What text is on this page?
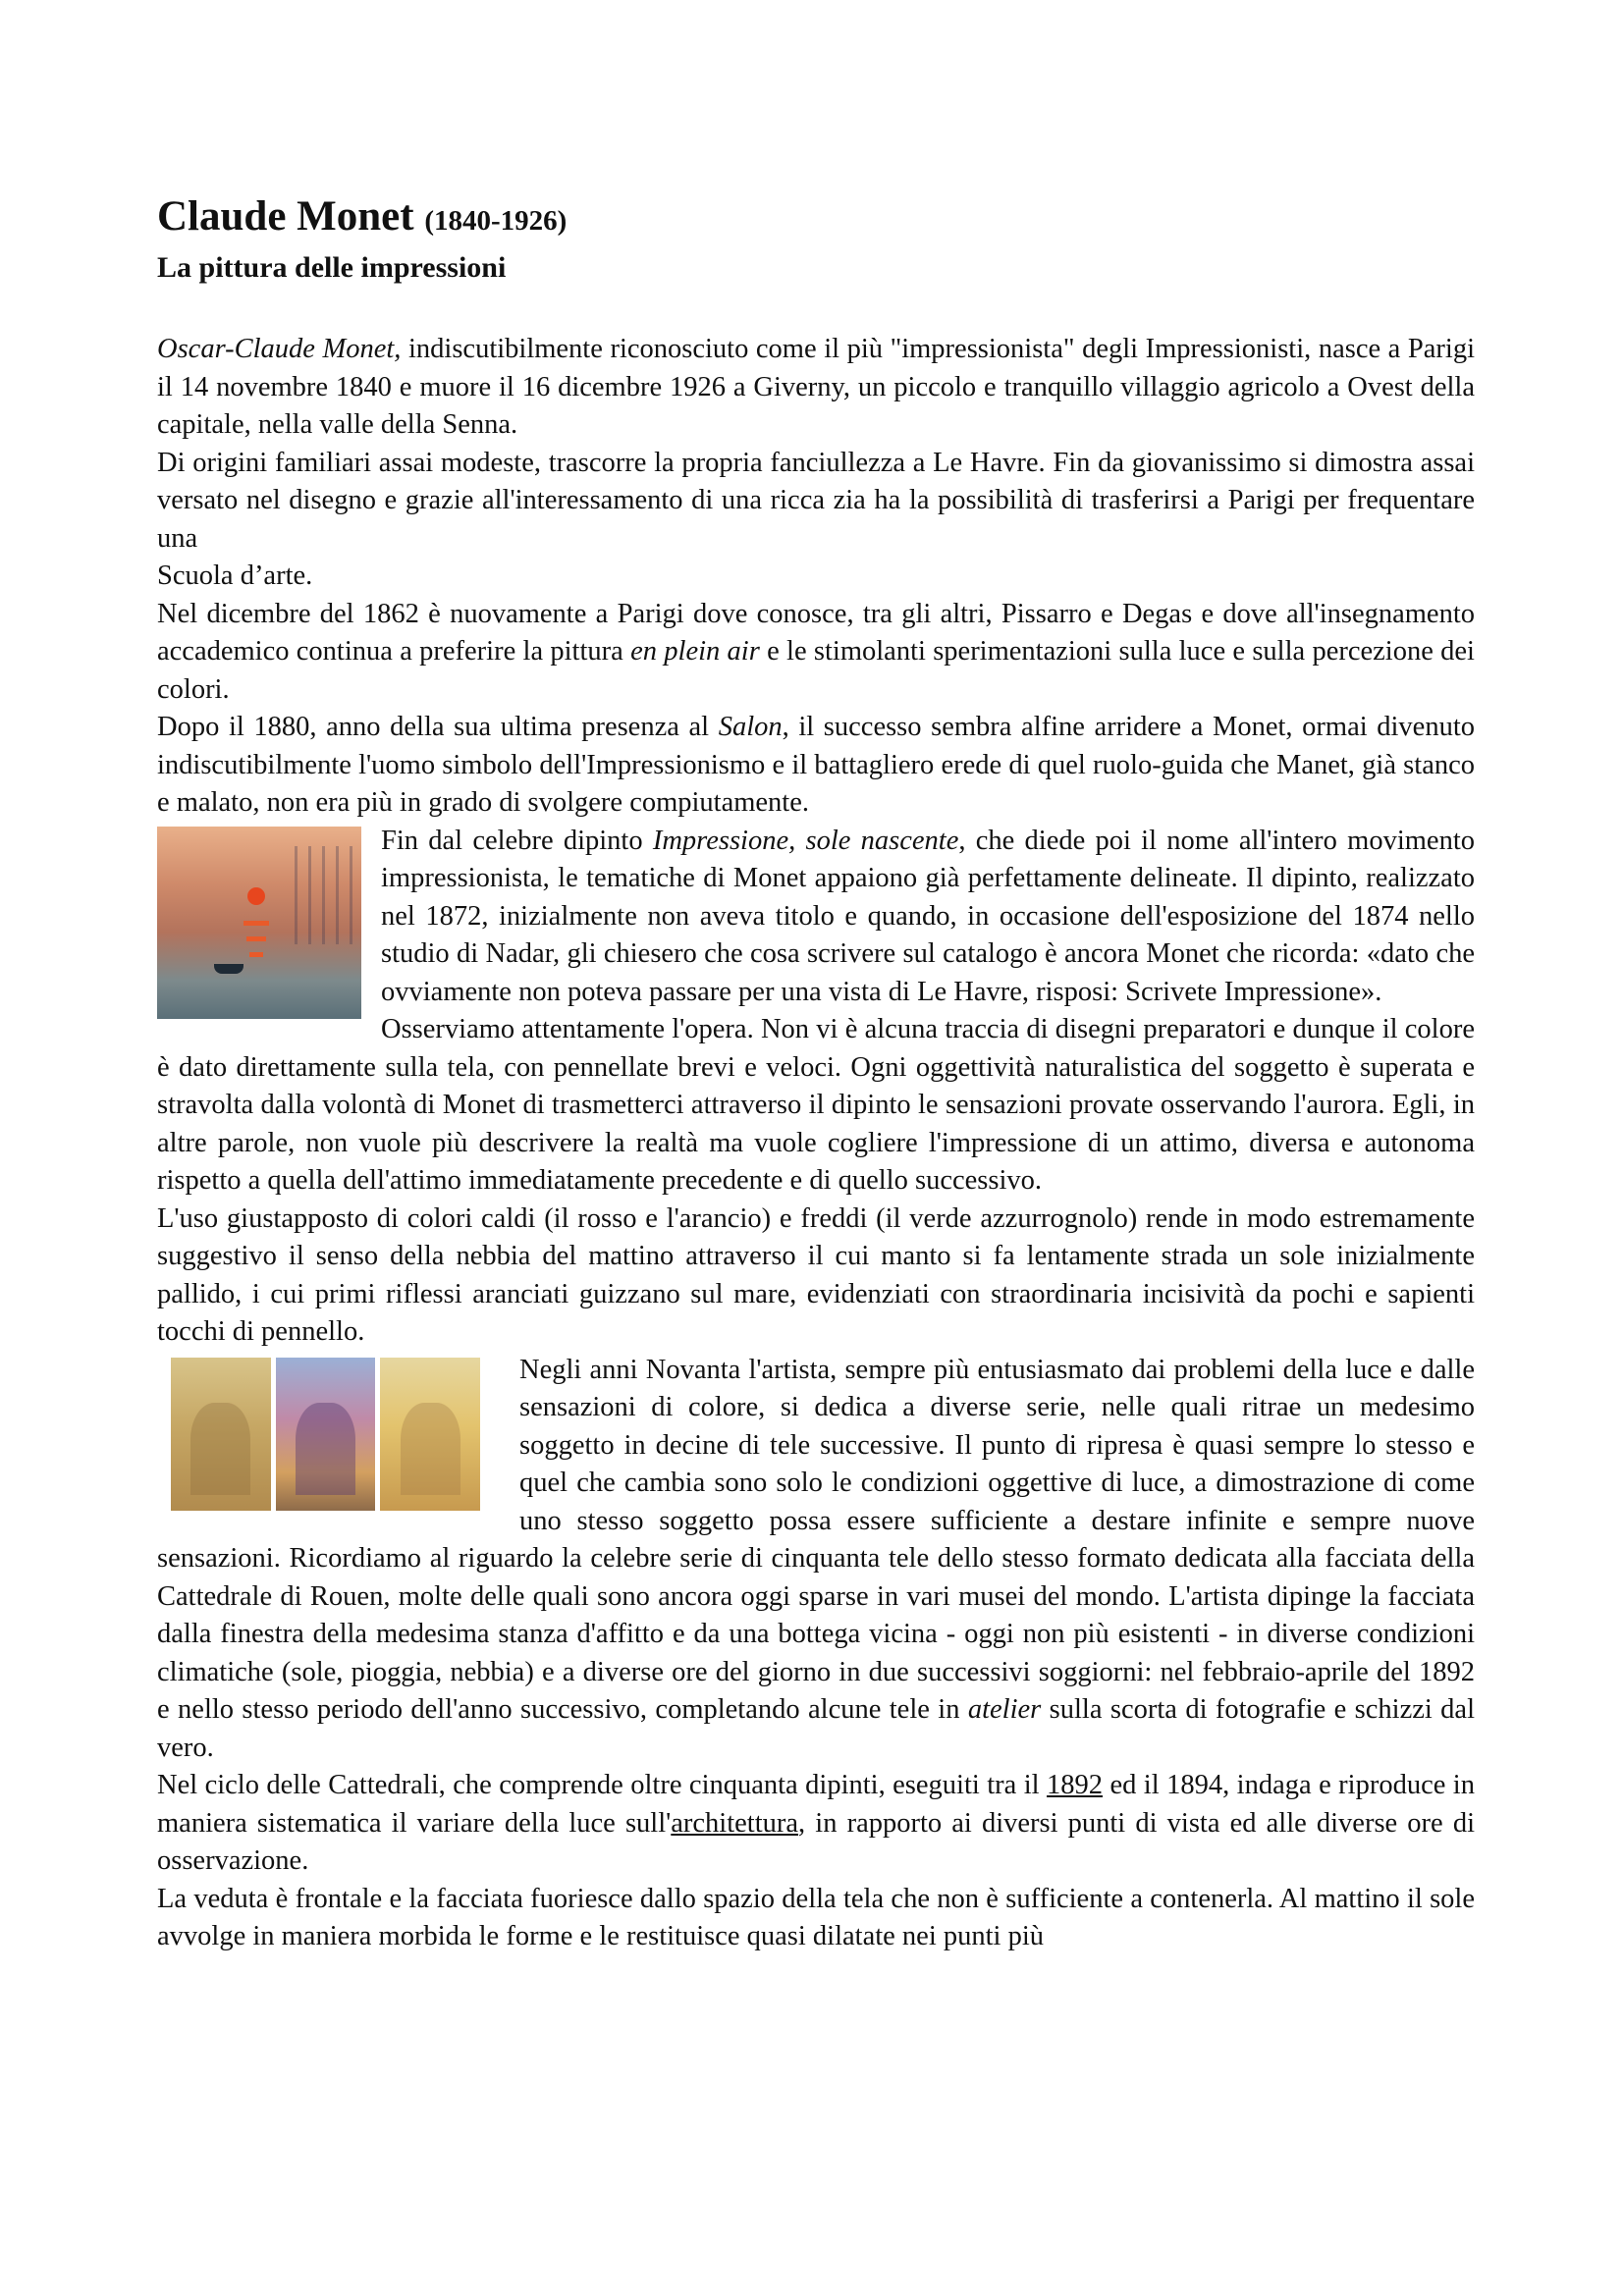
Claude Monet (1840-1926)
La pittura delle impressioni

Oscar-Claude Monet, indiscutibilmente riconosciuto come il più "impressionista" degli Impressionisti, nasce a Parigi il 14 novembre 1840 e muore il 16 dicembre 1926 a Giverny, un piccolo e tranquillo villaggio agricolo a Ovest della capitale, nella valle della Senna.

Di origini familiari assai modeste, trascorre la propria fanciullezza a Le Havre. Fin da giovanissimo si dimostra assai versato nel disegno e grazie all'interessamento di una ricca zia ha la possibilità di trasferirsi a Parigi per frequentare una

Scuola d’arte.

Nel dicembre del 1862 è nuovamente a Parigi dove conosce, tra gli altri, Pissarro e Degas e dove all'insegnamento accademico continua a preferire la pittura en plein air e le stimolanti sperimentazioni sulla luce e sulla percezione dei colori.

Dopo il 1880, anno della sua ultima presenza al Salon, il successo sembra alfine arridere a Monet, ormai divenuto indiscutibilmente l'uomo simbolo dell'Impressionismo e il battagliero erede di quel ruolo-guida che Manet, già stanco e malato, non era più in grado di svolgere compiutamente.

Fin dal celebre dipinto Impressione, sole nascente, che diede poi il nome all'intero movimento impressionista, le tematiche di Monet appaiono già perfettamente delineate. Il dipinto, realizzato nel 1872, inizialmente non aveva titolo e quando, in occasione dell'esposizione del 1874 nello studio di Nadar, gli chiesero che cosa scrivere sul catalogo è ancora Monet che ricorda: «dato che ovviamente non poteva passare per una vista di Le Havre, risposi: Scrivete Impressione».

Osserviamo attentamente l'opera. Non vi è alcuna traccia di disegni preparatori e dunque il colore è dato direttamente sulla tela, con pennellate brevi e veloci. Ogni oggettività naturalistica del soggetto è superata e stravolta dalla volontà di Monet di trasmetterci attraverso il dipinto le sensazioni provate osservando l'aurora. Egli, in altre parole, non vuole più descrivere la realtà ma vuole cogliere l'impressione di un attimo, diversa e autonoma rispetto a quella dell'attimo immediatamente precedente e di quello successivo.

L'uso giustapposto di colori caldi (il rosso e l'arancio) e freddi (il verde azzurrognolo) rende in modo estremamente suggestivo il senso della nebbia del mattino attraverso il cui manto si fa lentamente strada un sole inizialmente pallido, i cui primi riflessi aranciati guizzano sul mare, evidenziati con straordinaria incisività da pochi e sapienti tocchi di pennello.

Negli anni Novanta l'artista, sempre più entusiasmato dai problemi della luce e dalle sensazioni di colore, si dedica a diverse serie, nelle quali ritrae un medesimo soggetto in decine di tele successive. Il punto di ripresa è quasi sempre lo stesso e quel che cambia sono solo le condizioni oggettive di luce, a dimostrazione di come uno stesso soggetto possa essere sufficiente a destare infinite e sempre nuove sensazioni. Ricordiamo al riguardo la celebre serie di cinquanta tele dello stesso formato dedicata alla facciata della Cattedrale di Rouen, molte delle quali sono ancora oggi sparse in vari musei del mondo. L'artista dipinge la facciata dalla finestra della medesima stanza d'affitto e da una bottega vicina - oggi non più esistenti - in diverse condizioni climatiche (sole, pioggia, nebbia) e a diverse ore del giorno in due successivi soggiorni: nel febbraio-aprile del 1892 e nello stesso periodo dell'anno successivo, completando alcune tele in atelier sulla scorta di fotografie e schizzi dal vero.

Nel ciclo delle Cattedrali, che comprende oltre cinquanta dipinti, eseguiti tra il 1892 ed il 1894, indaga e riproduce in maniera sistematica il variare della luce sull'architettura, in rapporto ai diversi punti di vista ed alle diverse ore di osservazione.

La veduta è frontale e la facciata fuoriesce dallo spazio della tela che non è sufficiente a contenerla. Al mattino il sole avvolge in maniera morbida le forme e le restituisce quasi dilatate nei punti più
